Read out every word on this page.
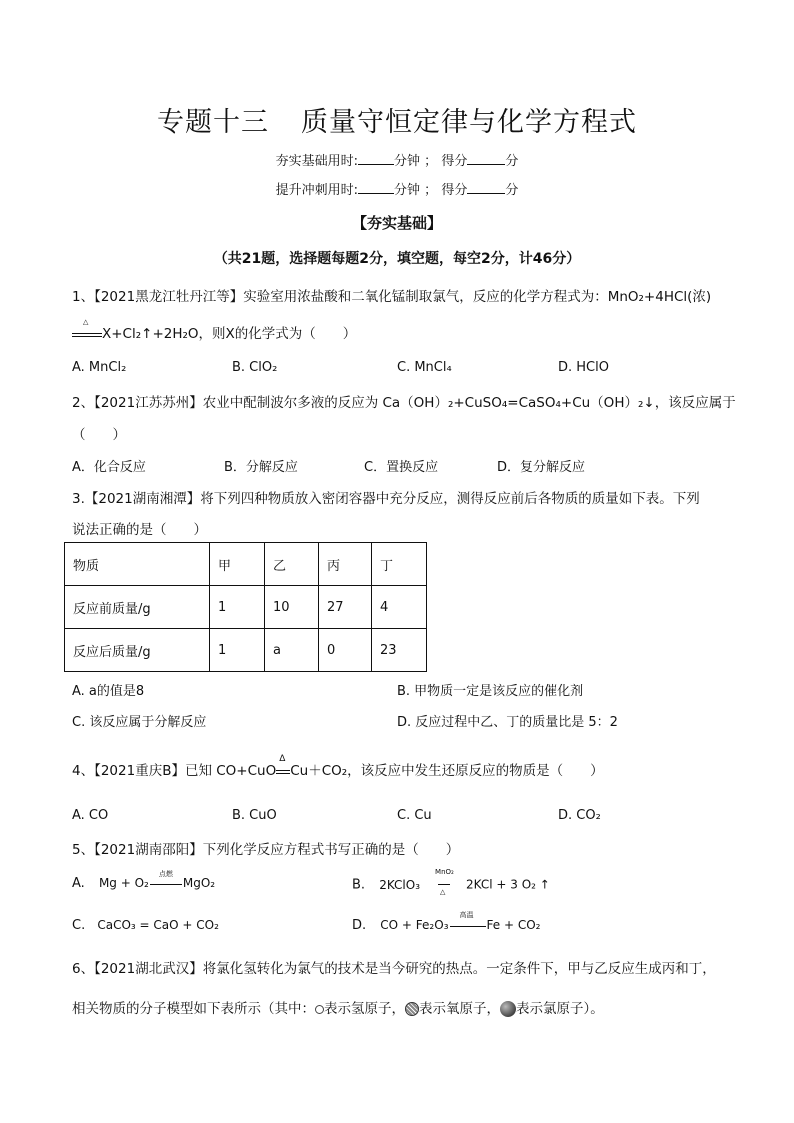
专题十三 质量守恒定律与化学方程式
夯实基础用时:	分钟 ； 得分	分
提升冲刺用时:	分钟 ； 得分	分
【夯实基础】
（共21题，选择题每题2分，填空题，每空2分，计46分）
1、【2021黑龙江牡丹江等】实验室用浓盐酸和二氧化锰制取氯气，反应的化学方程式为：MnO₂+4HCl(浓)
△
X+Cl₂↑+2H₂O，则X的化学式为（　　）
A. MnCl₂	B. ClO₂	C. MnCl₄	D. HClO
2、【2021江苏苏州】农业中配制波尔多液的反应为 Ca（OH）₂+CuSO₄=CaSO₄+Cu（OH）₂↓，该反应属于
（　　）
A．化合反应	B．分解反应	C．置换反应	D．复分解反应
3.【2021湖南湘潭】将下列四种物质放入密闭容器中充分反应，测得反应前后各物质的质量如下表。下列
说法正确的是（　　）
物质	甲	乙	丙	丁
反应前质量/g	1	10	27	4
反应后质量/g	1	a	0	23
A. a的值是8	B. 甲物质一定是该反应的催化剂
C. 该反应属于分解反应	D. 反应过程中乙、丁的质量比是 5：2
4、【2021重庆B】已知 CO+CuO
Δ
Cu＋CO₂，该反应中发生还原反应的物质是（　　）
A. CO	B. CuO	C. Cu	D. CO₂
5、【2021湖南邵阳】下列化学反应方程式书写正确的是（　　）
A. Mg + O₂
点燃
MgO₂	B. 2KClO₃
MnO₂
△
2KCl + 3 O₂ ↑
C. CaCO₃ = CaO + CO₂	D. CO + Fe₂O₃
高温
Fe + CO₂
6、【2021湖北武汉】将氯化氢转化为氯气的技术是当今研究的热点。一定条件下，甲与乙反应生成丙和丁，
相关物质的分子模型如下表所示（其中： 表示氢原子， 表示氧原子， 表示氯原子）。
